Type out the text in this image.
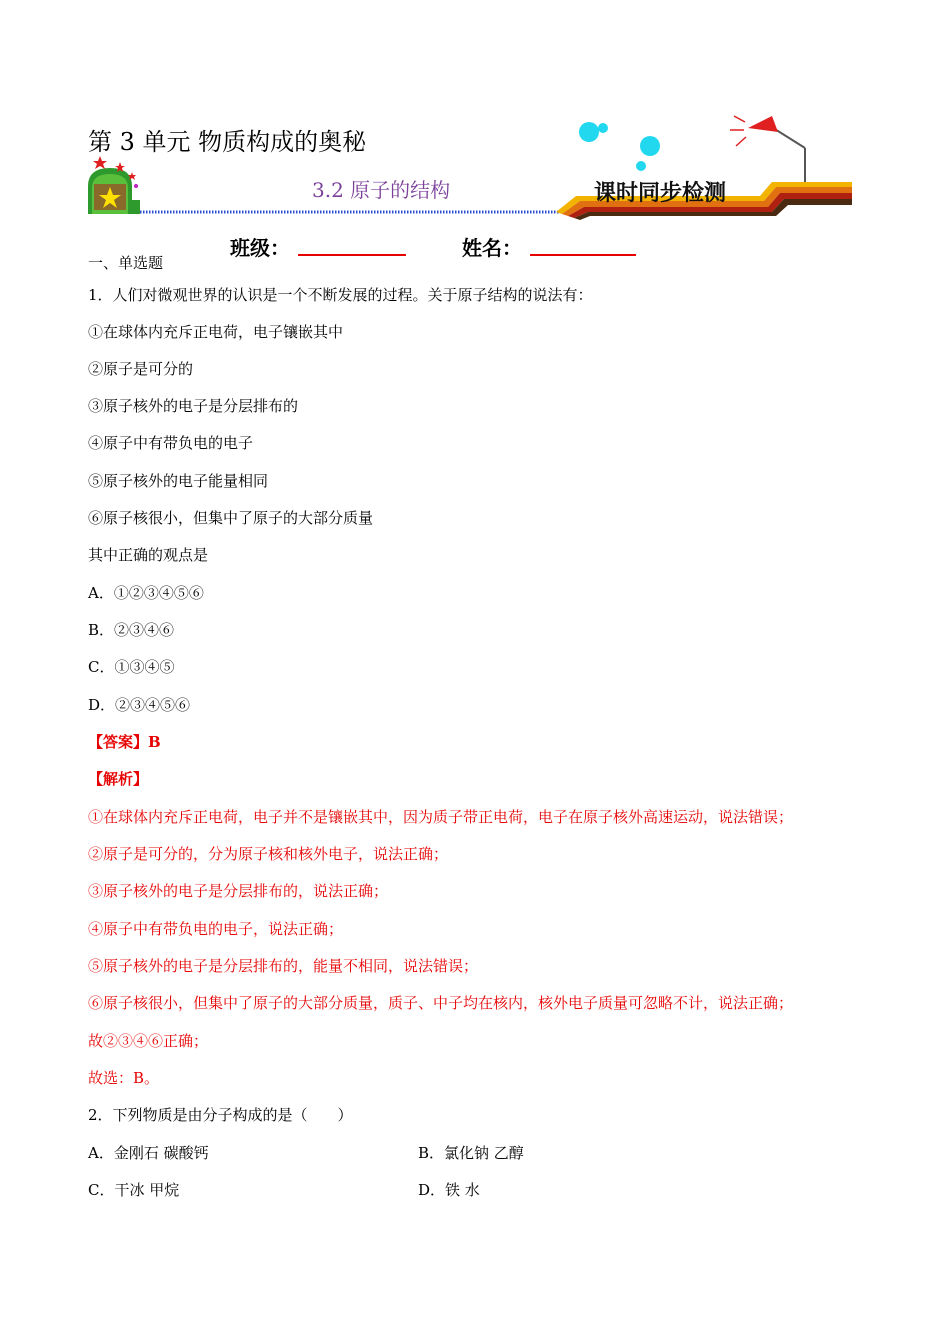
第 3 单元 物质构成的奥秘
3.2 原子的结构	课时同步检测
班级：	姓名：
一、单选题
1．人们对微观世界的认识是一个不断发展的过程。关于原子结构的说法有：
①在球体内充斥正电荷，电子镶嵌其中
②原子是可分的
③原子核外的电子是分层排布的
④原子中有带负电的电子
⑤原子核外的电子能量相同
⑥原子核很小，但集中了原子的大部分质量
其中正确的观点是
A．①②③④⑤⑥
B．②③④⑥
C．①③④⑤
D．②③④⑤⑥
【答案】B
【解析】
①在球体内充斥正电荷，电子并不是镶嵌其中，因为质子带正电荷，电子在原子核外高速运动，说法错误；
②原子是可分的，分为原子核和核外电子，说法正确；
③原子核外的电子是分层排布的，说法正确；
④原子中有带负电的电子，说法正确；
⑤原子核外的电子是分层排布的，能量不相同，说法错误；
⑥原子核很小，但集中了原子的大部分质量，质子、中子均在核内，核外电子质量可忽略不计，说法正确；
故②③④⑥正确；
故选：B。
2．下列物质是由分子构成的是（　　）
A．金刚石 碳酸钙	B．氯化钠 乙醇
C．干冰 甲烷	D．铁 水
